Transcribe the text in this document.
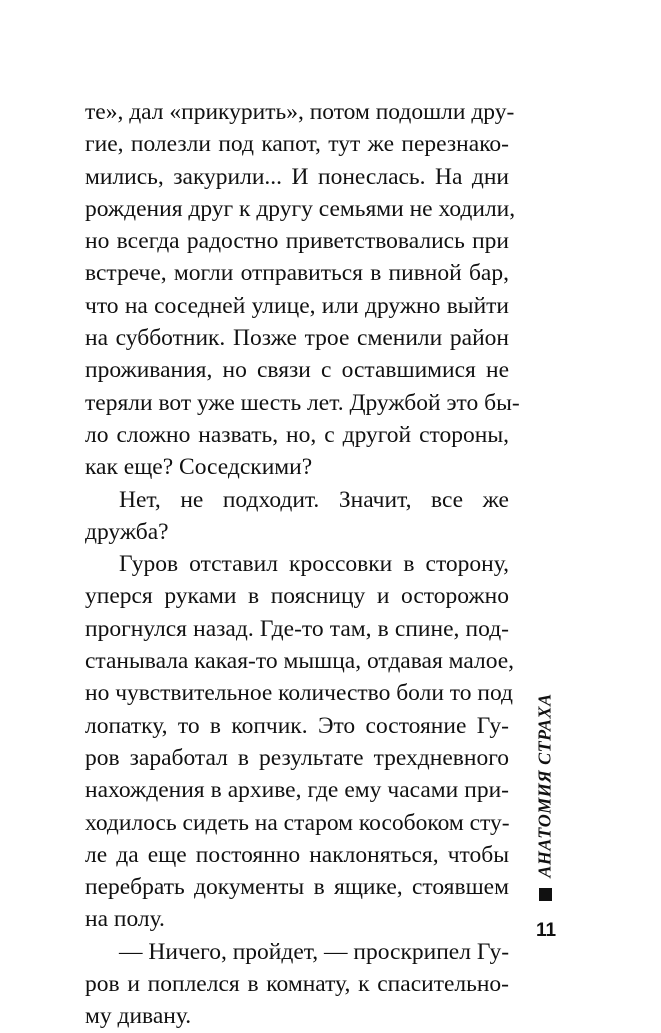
те», дал «прикурить», потом подошли дру-
гие, полезли под капот, тут же перезнако-
мились, закурили... И понеслась. На дни
рождения друг к другу семьями не ходили,
но всегда радостно приветствовались при
встрече, могли отправиться в пивной бар,
что на соседней улице, или дружно выйти
на субботник. Позже трое сменили район
проживания, но связи с оставшимися не
теряли вот уже шесть лет. Дружбой это бы-
ло сложно назвать, но, с другой стороны,
как еще? Соседскими?

Нет, не подходит. Значит, все же
дружба?

Гуров отставил кроссовки в сторону,
уперся руками в поясницу и осторожно
прогнулся назад. Где-то там, в спине, под-
станывала какая-то мышца, отдавая малое,
но чувствительное количество боли то под
лопатку, то в копчик. Это состояние Гу-
ров заработал в результате трехдневного
нахождения в архиве, где ему часами при-
ходилось сидеть на старом кособоком сту-
ле да еще постоянно наклоняться, чтобы
перебрать документы в ящике, стоявшем
на полу.

— Ничего, пройдет, — проскрипел Гу-
ров и поплелся в комнату, к спасительно-
му дивану.

АНАТОМИЯ СТРАХА
11
